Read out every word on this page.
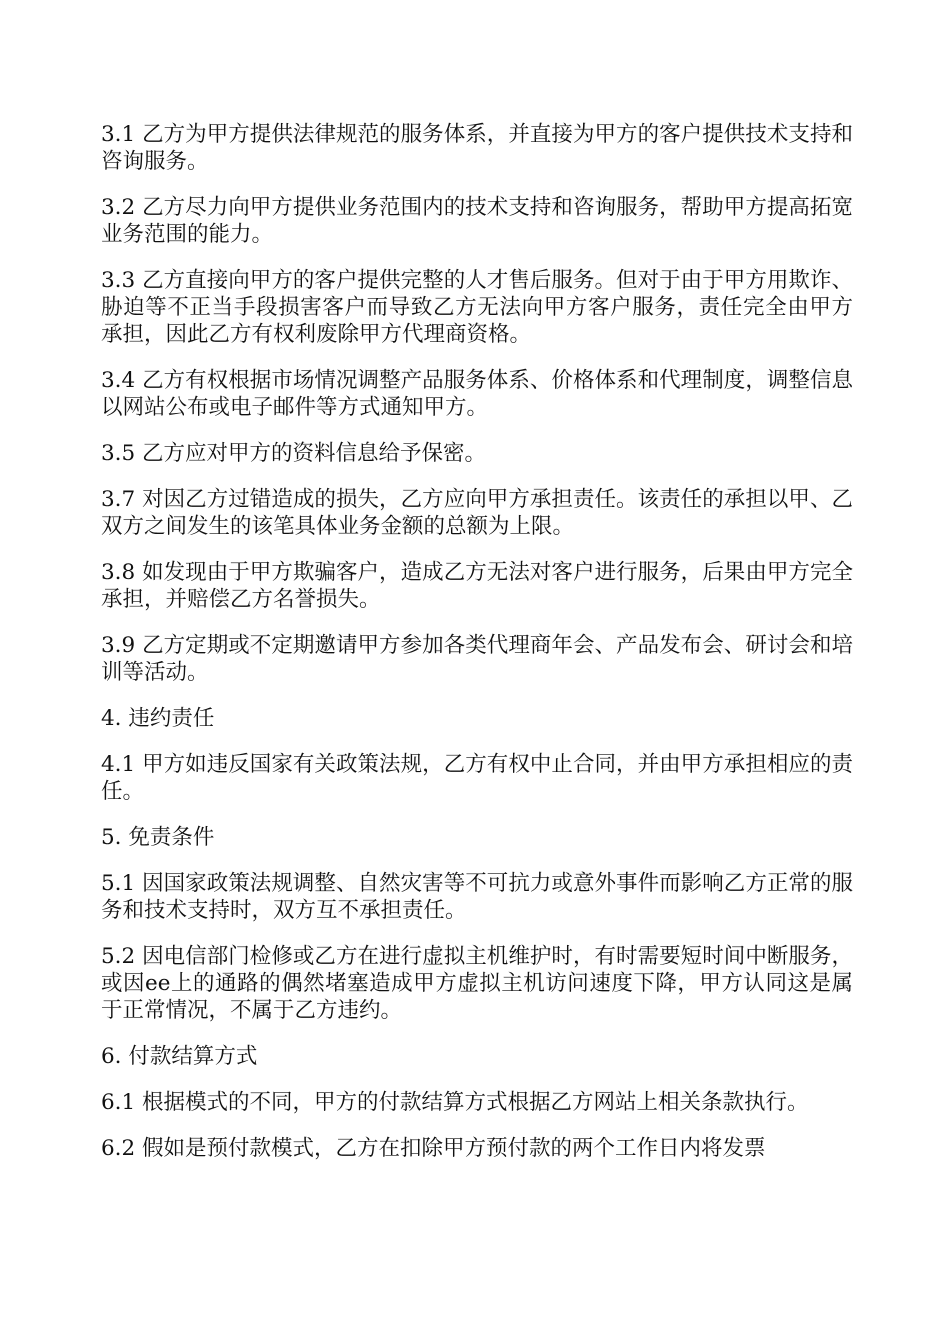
3.1 乙方为甲方提供法律规范的服务体系，并直接为甲方的客户提供技术支持和咨询服务。

3.2 乙方尽力向甲方提供业务范围内的技术支持和咨询服务，帮助甲方提高拓宽业务范围的能力。

3.3 乙方直接向甲方的客户提供完整的人才售后服务。但对于由于甲方用欺诈、胁迫等不正当手段损害客户而导致乙方无法向甲方客户服务，责任完全由甲方承担，因此乙方有权利废除甲方代理商资格。

3.4 乙方有权根据市场情况调整产品服务体系、价格体系和代理制度，调整信息以网站公布或电子邮件等方式通知甲方。

3.5 乙方应对甲方的资料信息给予保密。

3.7 对因乙方过错造成的损失，乙方应向甲方承担责任。该责任的承担以甲、乙双方之间发生的该笔具体业务金额的总额为上限。

3.8 如发现由于甲方欺骗客户，造成乙方无法对客户进行服务，后果由甲方完全承担，并赔偿乙方名誉损失。

3.9 乙方定期或不定期邀请甲方参加各类代理商年会、产品发布会、研讨会和培训等活动。

4. 违约责任

4.1 甲方如违反国家有关政策法规，乙方有权中止合同，并由甲方承担相应的责任。

5. 免责条件

5.1 因国家政策法规调整、自然灾害等不可抗力或意外事件而影响乙方正常的服务和技术支持时，双方互不承担责任。

5.2 因电信部门检修或乙方在进行虚拟主机维护时，有时需要短时间中断服务，或因ee上的通路的偶然堵塞造成甲方虚拟主机访问速度下降，甲方认同这是属于正常情况，不属于乙方违约。

6. 付款结算方式

6.1 根据模式的不同，甲方的付款结算方式根据乙方网站上相关条款执行。

6.2 假如是预付款模式，乙方在扣除甲方预付款的两个工作日内将发票
